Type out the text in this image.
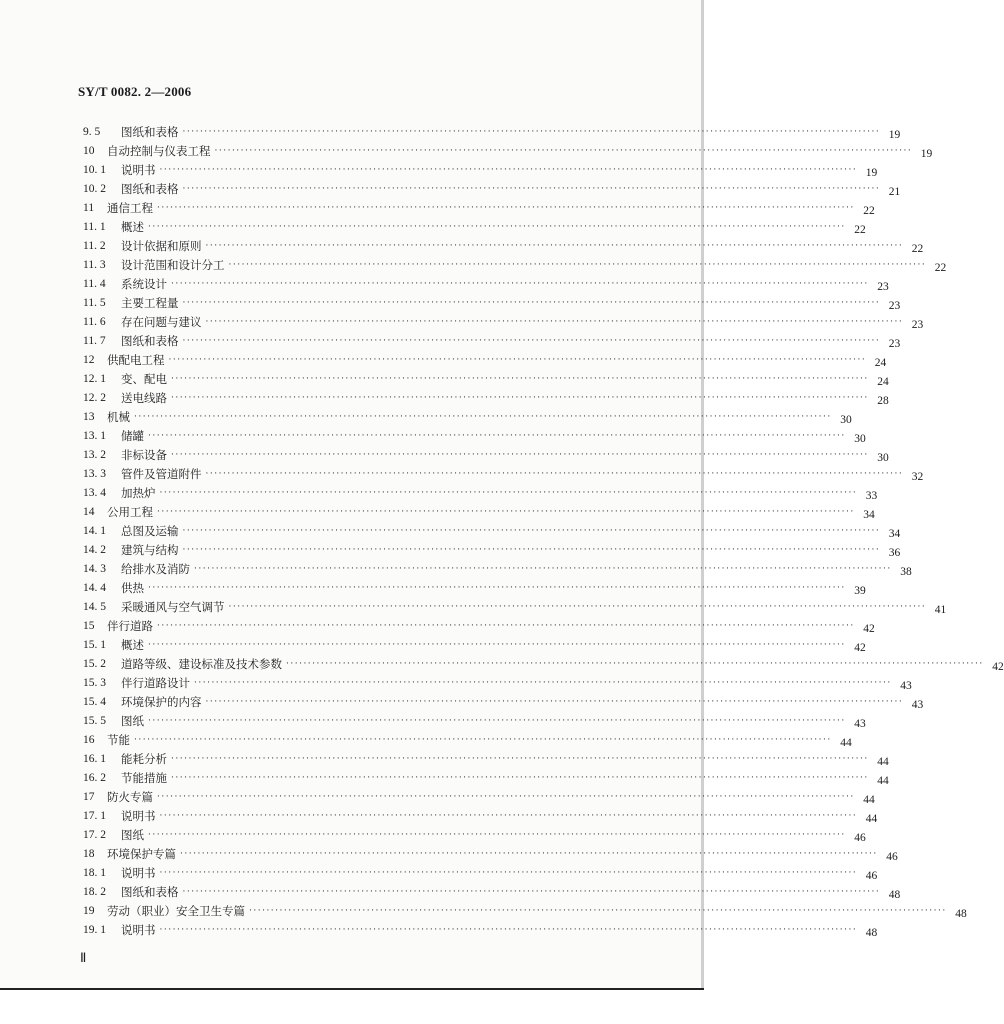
SY/T 0082. 2—2006
9. 5	图纸和表格 ································································································································································ 19
10	自动控制与仪表工程 ································································································································································ 19
10. 1	说明书 ································································································································································ 19
10. 2	图纸和表格 ································································································································································ 21
11	通信工程 ································································································································································ 22
11. 1	概述 ································································································································································ 22
11. 2	设计依据和原则 ································································································································································ 22
11. 3	设计范围和设计分工 ································································································································································ 22
11. 4	系统设计 ································································································································································ 23
11. 5	主要工程量 ································································································································································ 23
11. 6	存在问题与建议 ································································································································································ 23
11. 7	图纸和表格 ································································································································································ 23
12	供配电工程 ································································································································································ 24
12. 1	变、配电 ································································································································································ 24
12. 2	送电线路 ································································································································································ 28
13	机械 ································································································································································ 30
13. 1	储罐 ································································································································································ 30
13. 2	非标设备 ································································································································································ 30
13. 3	管件及管道附件 ································································································································································ 32
13. 4	加热炉 ································································································································································ 33
14	公用工程 ································································································································································ 34
14. 1	总图及运输 ································································································································································ 34
14. 2	建筑与结构 ································································································································································ 36
14. 3	给排水及消防 ································································································································································ 38
14. 4	供热 ································································································································································ 39
14. 5	采暖通风与空气调节 ································································································································································ 41
15	伴行道路 ································································································································································ 42
15. 1	概述 ································································································································································ 42
15. 2	道路等级、建设标准及技术参数 ································································································································································ 42
15. 3	伴行道路设计 ································································································································································ 43
15. 4	环境保护的内容 ································································································································································ 43
15. 5	图纸 ································································································································································ 43
16	节能 ································································································································································ 44
16. 1	能耗分析 ································································································································································ 44
16. 2	节能措施 ································································································································································ 44
17	防火专篇 ································································································································································ 44
17. 1	说明书 ································································································································································ 44
17. 2	图纸 ································································································································································ 46
18	环境保护专篇 ································································································································································ 46
18. 1	说明书 ································································································································································ 46
18. 2	图纸和表格 ································································································································································ 48
19	劳动（职业）安全卫生专篇 ································································································································································ 48
19. 1	说明书 ································································································································································ 48
Ⅱ
